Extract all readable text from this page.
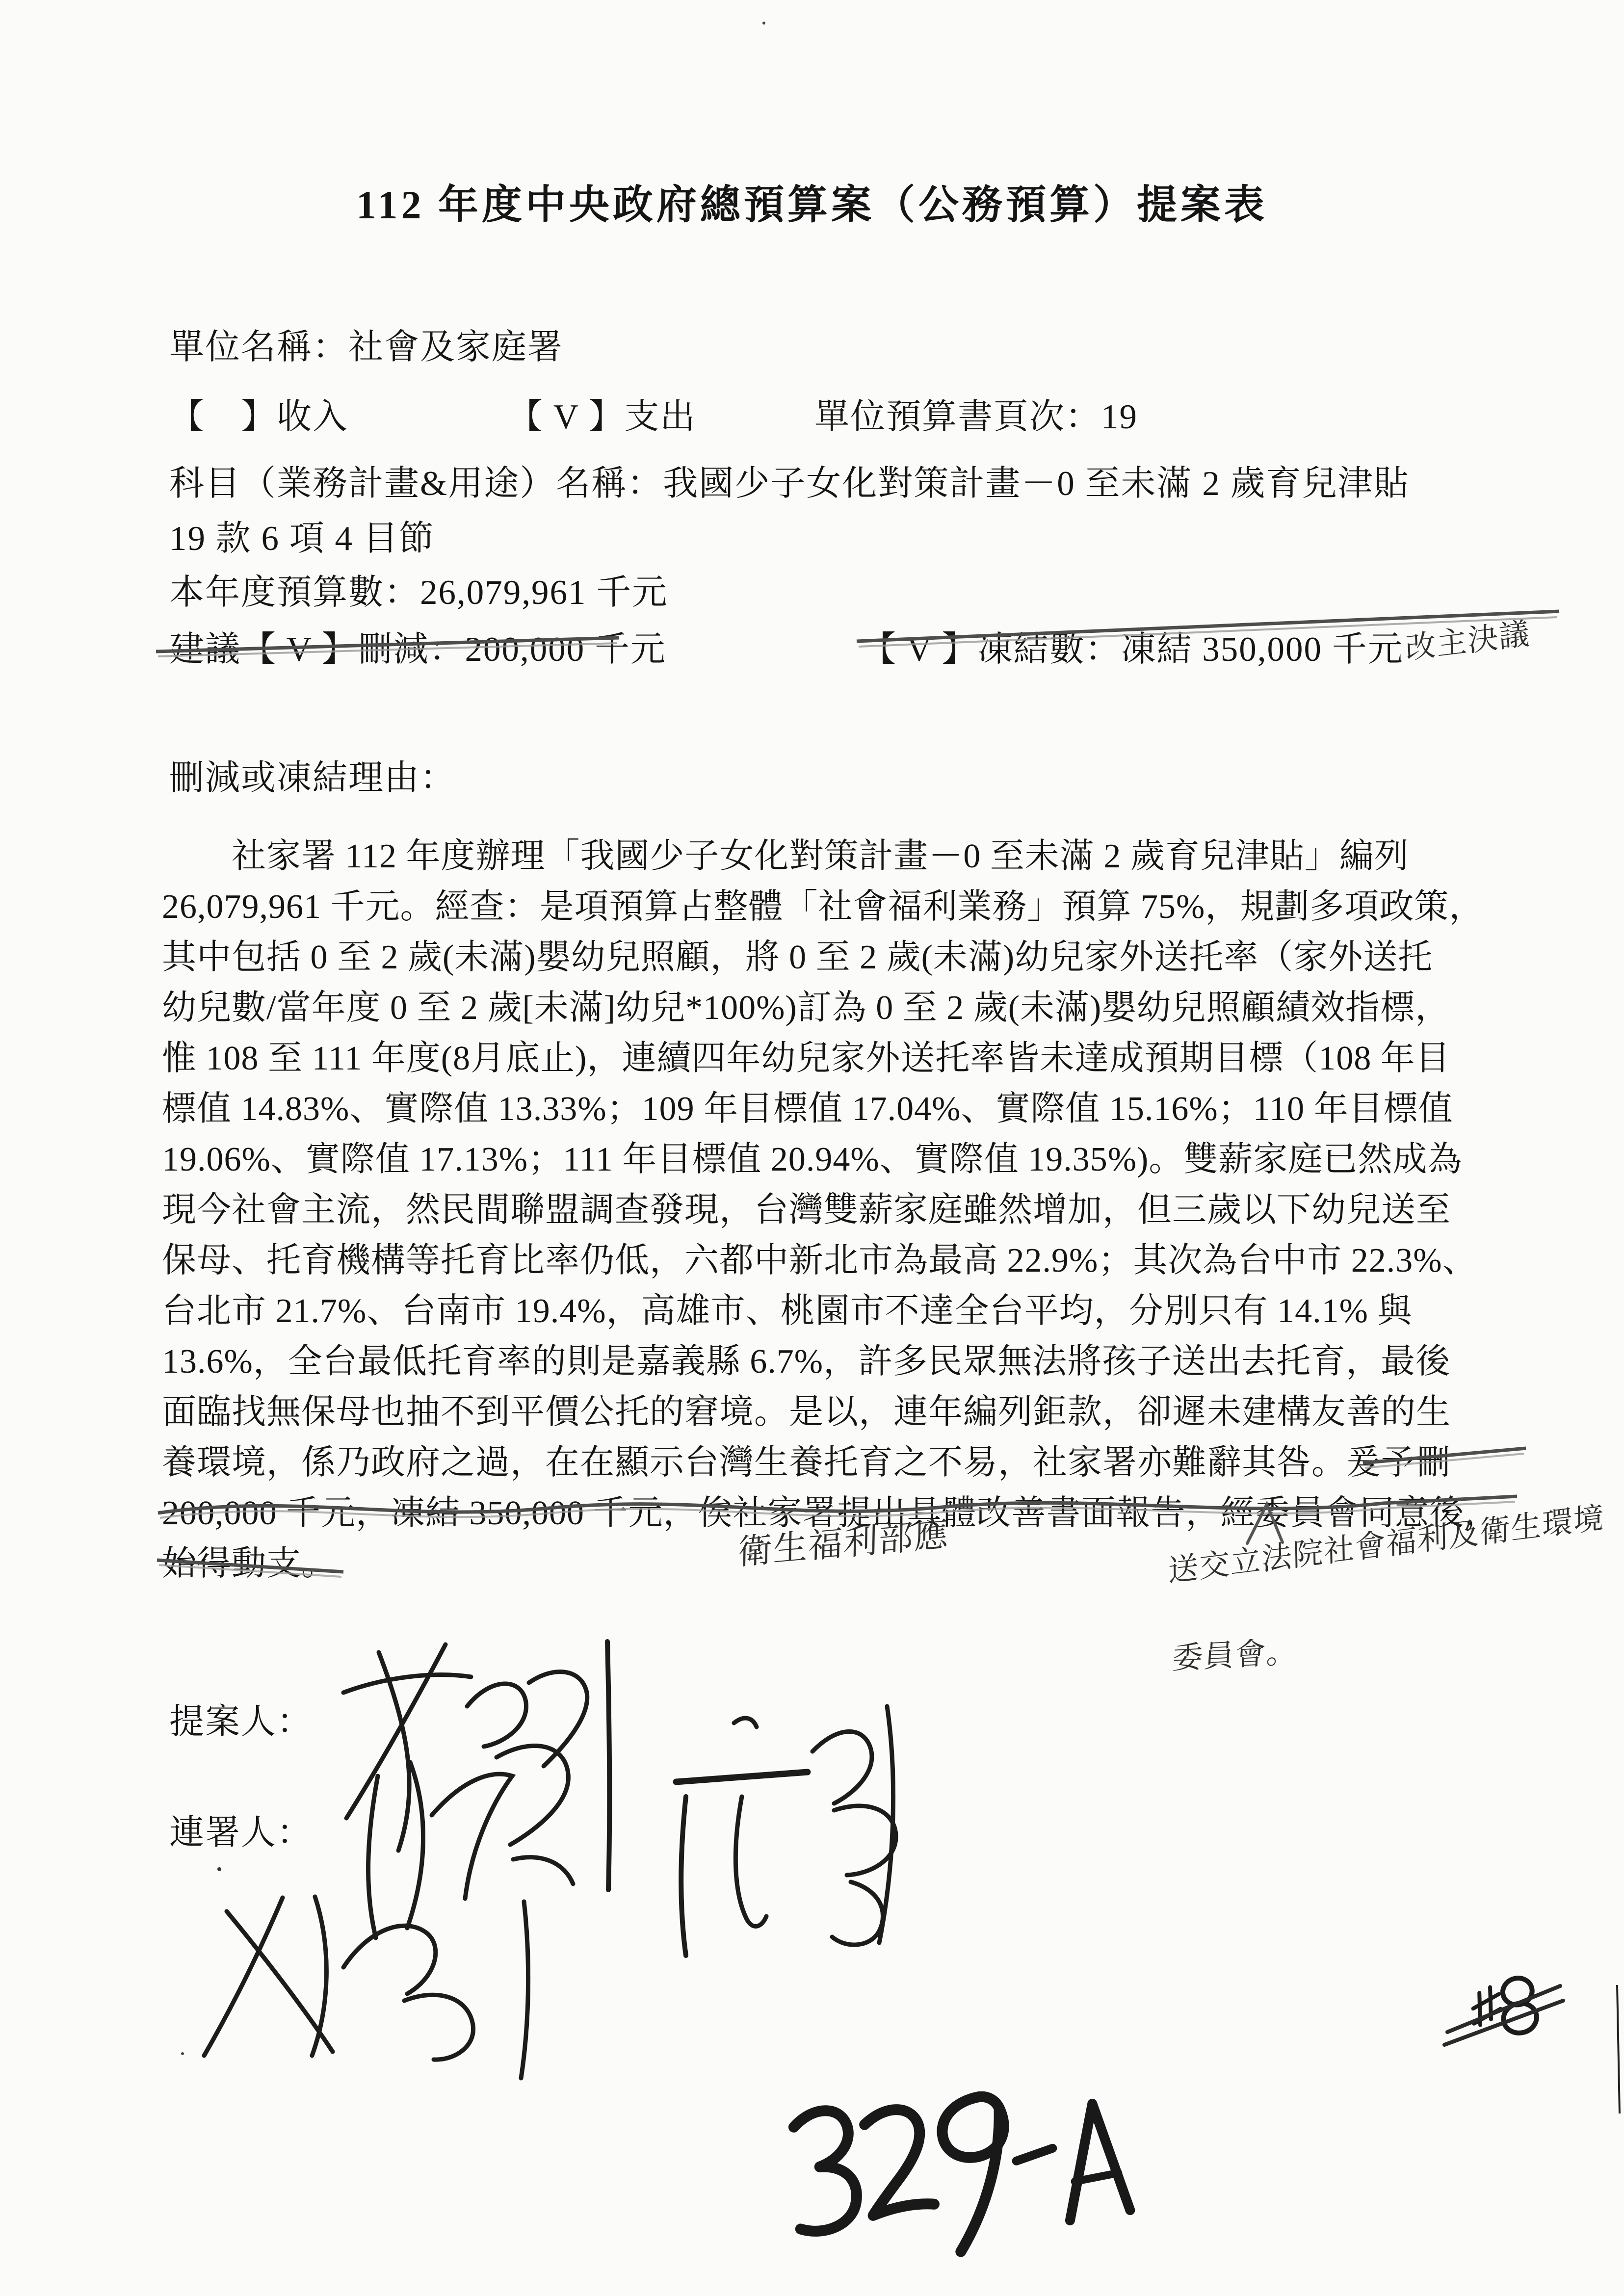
112 年度中央政府總預算案（公務預算）提案表
單位名稱：社會及家庭署
【　】收入	【 V 】支出	單位預算書頁次：19
科目（業務計畫&用途）名稱：我國少子女化對策計畫－0 至未滿 2 歲育兒津貼
19 款 6 項 4 目節
本年度預算數：26,079,961 千元
建議【 V 】刪減：200,000 千元	【 V 】凍結數：凍結 350,000 千元 改主決議
刪減或凍結理由：
　　社家署 112 年度辦理「我國少子女化對策計畫－0 至未滿 2 歲育兒津貼」編列
26,079,961 千元。經查：是項預算占整體「社會福利業務」預算 75%，規劃多項政策，
其中包括 0 至 2 歲(未滿)嬰幼兒照顧，將 0 至 2 歲(未滿)幼兒家外送托率（家外送托
幼兒數/當年度 0 至 2 歲[未滿]幼兒*100%)訂為 0 至 2 歲(未滿)嬰幼兒照顧績效指標，
惟 108 至 111 年度(8月底止)，連續四年幼兒家外送托率皆未達成預期目標（108 年目
標值 14.83%、實際值 13.33%；109 年目標值 17.04%、實際值 15.16%；110 年目標值
19.06%、實際值 17.13%；111 年目標值 20.94%、實際值 19.35%)。雙薪家庭已然成為
現今社會主流，然民間聯盟調查發現，台灣雙薪家庭雖然增加，但三歲以下幼兒送至
保母、托育機構等托育比率仍低，六都中新北市為最高 22.9%；其次為台中市 22.3%、
台北市 21.7%、台南市 19.4%，高雄市、桃園市不達全台平均，分別只有 14.1% 與
13.6%，全台最低托育率的則是嘉義縣 6.7%，許多民眾無法將孩子送出去托育，最後
面臨找無保母也抽不到平價公托的窘境。是以，連年編列鉅款，卻遲未建構友善的生
養環境，係乃政府之過，在在顯示台灣生養托育之不易，社家署亦難辭其咎。爰予刪
200,000 千元，凍結 350,000 千元，俟社家署提出具體改善書面報告，經委員會同意後，
始得動支。	衛生福利部應	送交立法院社會福利及衛生環境
委員會。
提案人：
連署人：
